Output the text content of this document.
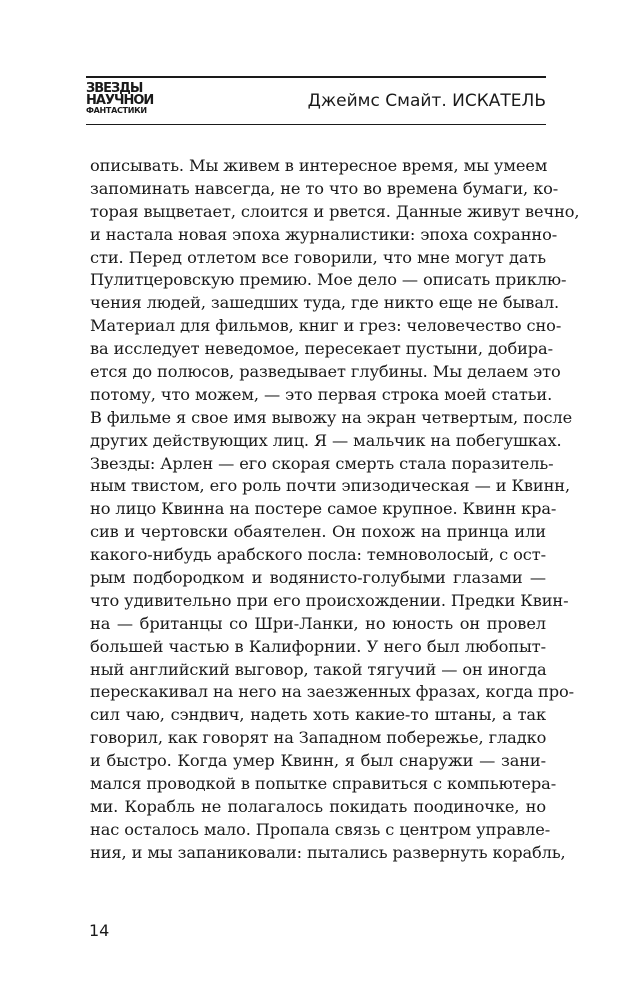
ЗВЕЗДЫ
НАУЧНОЙ
ФАНТАСТИКИ	Джеймс Смайт. ИСКАТЕЛЬ
описывать. Мы живем в интересное время, мы умеем
запоминать навсегда, не то что во времена бумаги, ко-
торая выцветает, слоится и рвется. Данные живут вечно,
и настала новая эпоха журналистики: эпоха сохранно-
сти. Перед отлетом все говорили, что мне могут дать
Пулитцеровскую премию. Мое дело — описать приклю-
чения людей, зашедших туда, где никто еще не бывал.
Материал для фильмов, книг и грез: человечество сно-
ва исследует неведомое, пересекает пустыни, добира-
ется до полюсов, разведывает глубины. Мы делаем это
потому, что можем, — это первая строка моей статьи.
В фильме я свое имя вывожу на экран четвертым, после
других действующих лиц. Я — мальчик на побегушках.
Звезды: Арлен — его скорая смерть стала поразитель-
ным твистом, его роль почти эпизодическая — и Квинн,
но лицо Квинна на постере самое крупное. Квинн кра-
сив и чертовски обаятелен. Он похож на принца или
какого-нибудь арабского посла: темноволосый, с ост-
рым подбородком и водянисто-голубыми глазами —
что удивительно при его происхождении. Предки Квин-
на — британцы со Шри-Ланки, но юность он провел
большей частью в Калифорнии. У него был любопыт-
ный английский выговор, такой тягучий — он иногда
перескакивал на него на заезженных фразах, когда про-
сил чаю, сэндвич, надеть хоть какие-то штаны, а так
говорил, как говорят на Западном побережье, гладко
и быстро. Когда умер Квинн, я был снаружи — зани-
мался проводкой в попытке справиться с компьютера-
ми. Корабль не полагалось покидать поодиночке, но
нас осталось мало. Пропала связь с центром управле-
ния, и мы запаниковали: пытались развернуть корабль,
14
